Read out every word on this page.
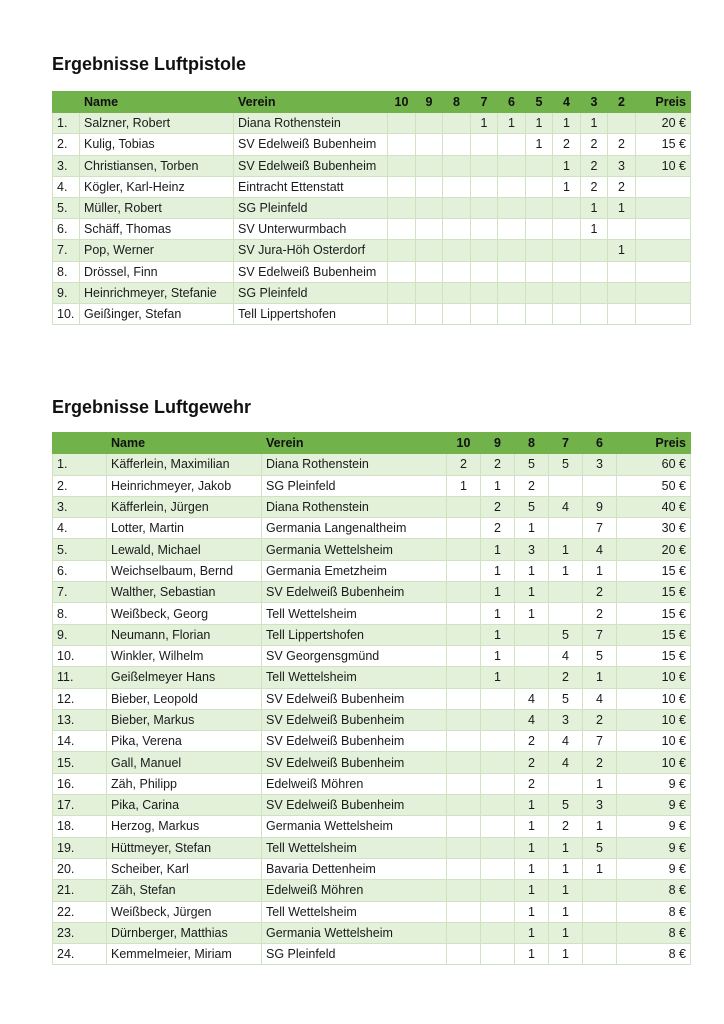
Ergebnisse Luftpistole
	Name	Verein	10	9	8	7	6	5	4	3	2	Preis
1.	Salzner, Robert	Diana Rothenstein				1	1	1	1	1		20 €
2.	Kulig, Tobias	SV Edelweiß Bubenheim						1	2	2	2	15 €
3.	Christiansen, Torben	SV Edelweiß Bubenheim							1	2	3	10 €
4.	Kögler, Karl-Heinz	Eintracht Ettenstatt							1	2	2	
5.	Müller, Robert	SG Pleinfeld								1	1	
6.	Schäff, Thomas	SV Unterwurmbach								1		
7.	Pop, Werner	SV Jura-Höh Osterdorf									1	
8.	Drössel, Finn	SV Edelweiß Bubenheim										
9.	Heinrichmeyer, Stefanie	SG Pleinfeld										
10.	Geißinger, Stefan	Tell Lippertshofen										
Ergebnisse Luftgewehr
	Name	Verein	10	9	8	7	6	Preis
1.	Käfferlein, Maximilian	Diana Rothenstein	2	2	5	5	3	60 €
2.	Heinrichmeyer, Jakob	SG Pleinfeld	1	1	2			50 €
3.	Käfferlein, Jürgen	Diana Rothenstein		2	5	4	9	40 €
4.	Lotter, Martin	Germania Langenaltheim		2	1		7	30 €
5.	Lewald, Michael	Germania Wettelsheim		1	3	1	4	20 €
6.	Weichselbaum, Bernd	Germania Emetzheim		1	1	1	1	15 €
7.	Walther, Sebastian	SV Edelweiß Bubenheim		1	1		2	15 €
8.	Weißbeck, Georg	Tell Wettelsheim		1	1		2	15 €
9.	Neumann, Florian	Tell Lippertshofen		1		5	7	15 €
10.	Winkler, Wilhelm	SV Georgensgmünd		1		4	5	15 €
11.	Geißelmeyer Hans	Tell Wettelsheim		1		2	1	10 €
12.	Bieber, Leopold	SV Edelweiß Bubenheim			4	5	4	10 €
13.	Bieber, Markus	SV Edelweiß Bubenheim			4	3	2	10 €
14.	Pika, Verena	SV Edelweiß Bubenheim			2	4	7	10 €
15.	Gall, Manuel	SV Edelweiß Bubenheim			2	4	2	10 €
16.	Zäh, Philipp	Edelweiß Möhren			2		1	9 €
17.	Pika, Carina	SV Edelweiß Bubenheim			1	5	3	9 €
18.	Herzog, Markus	Germania Wettelsheim			1	2	1	9 €
19.	Hüttmeyer, Stefan	Tell Wettelsheim			1	1	5	9 €
20.	Scheiber, Karl	Bavaria Dettenheim			1	1	1	9 €
21.	Zäh, Stefan	Edelweiß Möhren			1	1		8 €
22.	Weißbeck, Jürgen	Tell Wettelsheim			1	1		8 €
23.	Dürnberger, Matthias	Germania Wettelsheim			1	1		8 €
24.	Kemmelmeier, Miriam	SG Pleinfeld			1	1		8 €
